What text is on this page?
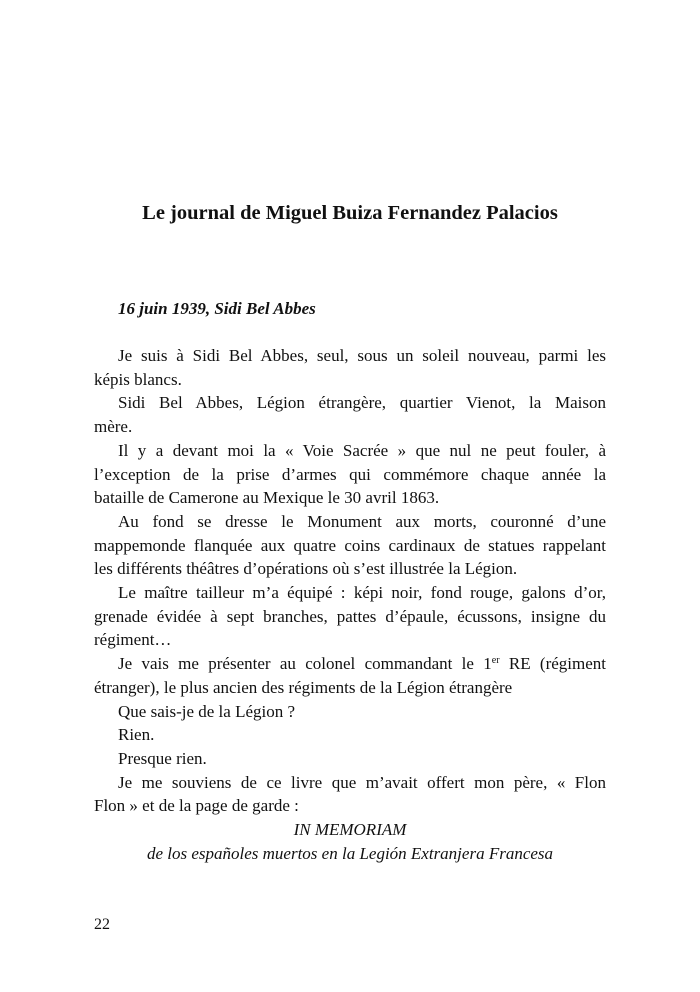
Le journal de Miguel Buiza Fernandez Palacios
16 juin 1939, Sidi Bel Abbes

Je suis à Sidi Bel Abbes, seul, sous un soleil nouveau, parmi les
képis blancs.

Sidi Bel Abbes, Légion étrangère, quartier Vienot, la Maison
mère.

Il y a devant moi la « Voie Sacrée » que nul ne peut fouler, à
l’exception de la prise d’armes qui commémore chaque année la
bataille de Camerone au Mexique le 30 avril 1863.

Au fond se dresse le Monument aux morts, couronné d’une
mappemonde flanquée aux quatre coins cardinaux de statues rappelant
les différents théâtres d’opérations où s’est illustrée la Légion.

Le maître tailleur m’a équipé : képi noir, fond rouge, galons d’or,
grenade évidée à sept branches, pattes d’épaule, écussons, insigne du
régiment…

Je vais me présenter au colonel commandant le 1er RE (régiment
étranger), le plus ancien des régiments de la Légion étrangère

Que sais-je de la Légion ?

Rien.

Presque rien.

Je me souviens de ce livre que m’avait offert mon père, « Flon
Flon » et de la page de garde :

IN MEMORIAM

de los españoles muertos en la Legión Extranjera Francesa

22
